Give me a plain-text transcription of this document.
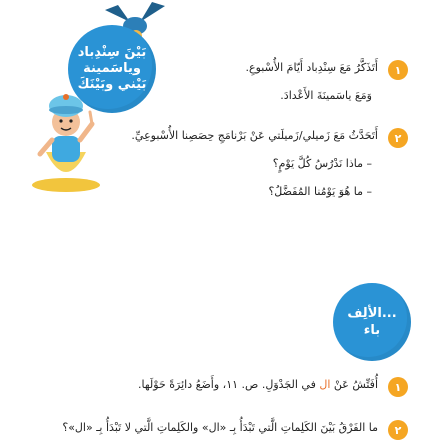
بَيْنَ سِنْدِباد
وياسَمينة
بَيْني وبَيْنَكَ
١
أَتَذَكَّرُ مَعَ سِنْدِباد أَيّامَ الأُسْبوعِ.
وَمَعَ ياسَمينَةَ الأَعْدادَ.
٢
أَتَحَدَّثُ مَعَ زَميلي/زَميلَتي عَنْ بَرْنامَجِ حِصَصِنا الأُسْبوعِيِّ.
– ماذا نَدْرُسُ كُلَّ يَوْمٍ؟
– ما هُوَ يَوْمُنا المُفَضَّلُ؟
الألِف...
باء
١
أُفَتِّشُ عَنْ ال في الجَدْوَلِ. ص. ١١، وأَضَعُ دائِرَةً حَوْلَها.
٢
ما الفَرْقُ بَيْنَ الكَلِماتِ الَّتي تَبْدَأُ بِـ «ال» والكَلِماتِ الَّتي لا تَبْدَأُ بِـ «ال»؟
